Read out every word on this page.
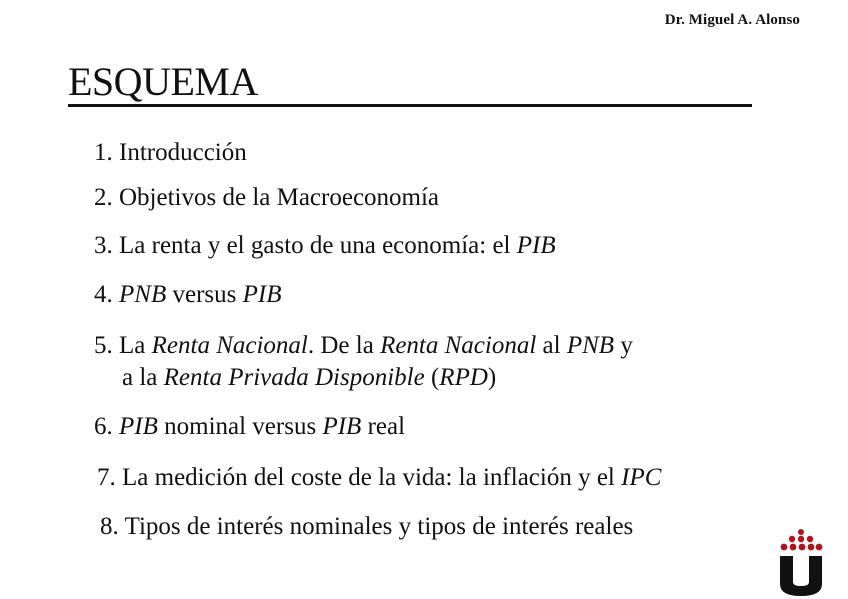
Dr. Miguel A. Alonso
ESQUEMA
1. Introducción
2. Objetivos de la Macroeconomía
3. La renta y el gasto de una economía: el PIB
4. PNB versus PIB
5. La Renta Nacional. De la Renta Nacional al PNB y
a la Renta Privada Disponible (RPD)
6. PIB nominal versus PIB real
7. La medición del coste de la vida: la inflación y el IPC
8. Tipos de interés nominales y tipos de interés reales
